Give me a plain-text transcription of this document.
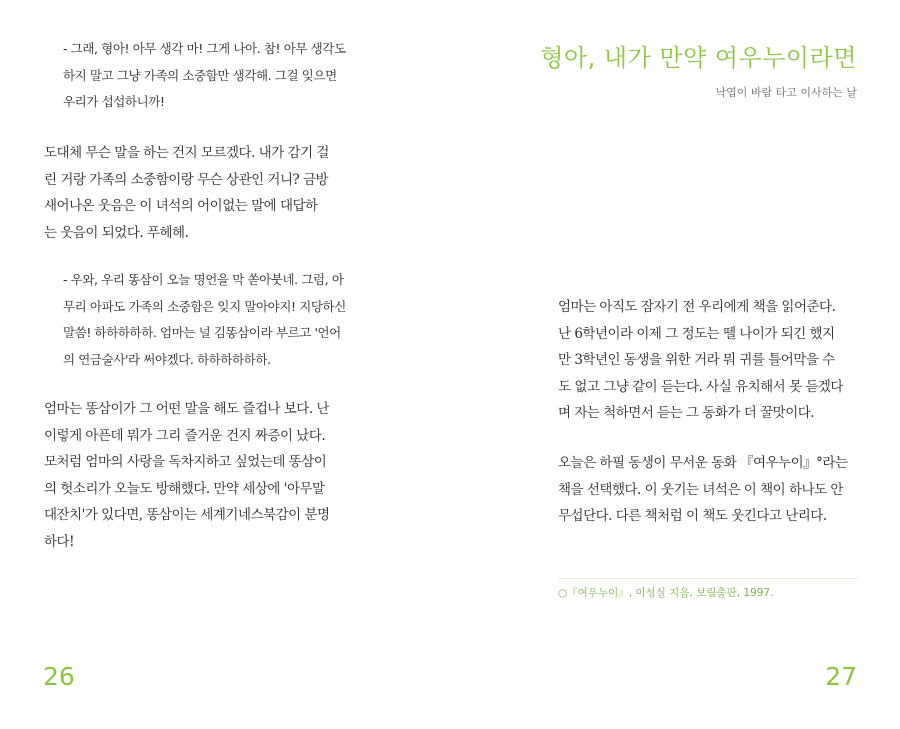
- 그래, 형아! 아무 생각 마! 그게 나아. 참! 아무 생각도

하지 말고 그냥 가족의 소중함만 생각해. 그걸 잊으면

우리가 섭섭하니까!

도대체 무슨 말을 하는 건지 모르겠다. 내가 감기 걸

린 거랑 가족의 소중함이랑 무슨 상관인 거니? 금방

새어나온 웃음은 이 녀석의 어이없는 말에 대답하

는 웃음이 되었다. 푸헤헤.

- 우와, 우리 똥삼이 오늘 명언을 막 쏟아붓네. 그럼, 아

무리 아파도 가족의 소중함은 잊지 말아야지! 지당하신

말씀! 하하하하하. 엄마는 널 김똥삼이라 부르고 '언어

의 연금술사'라 써야겠다. 하하하하하하.

엄마는 똥삼이가 그 어떤 말을 해도 즐겁나 보다. 난

이렇게 아픈데 뭐가 그리 즐거운 건지 짜증이 났다.

모처럼 엄마의 사랑을 독차지하고 싶었는데 똥삼이

의 헛소리가 오늘도 방해했다. 만약 세상에 '아무말

대잔치'가 있다면, 똥삼이는 세계기네스북감이 분명

하다!

26
형아, 내가 만약 여우누이라면
낙엽이 바람 타고 이사하는 날

엄마는 아직도 잠자기 전 우리에게 책을 읽어준다.

난 6학년이라 이제 그 정도는 뗄 나이가 되긴 했지

만 3학년인 동생을 위한 거라 뭐 귀를 틀어막을 수

도 없고 그냥 같이 듣는다. 사실 유치해서 못 듣겠다

며 자는 척하면서 듣는 그 동화가 더 꿀맛이다.

오늘은 하필 동생이 무서운 동화 『여우누이』°라는

책을 선택했다. 이 웃기는 녀석은 이 책이 하나도 안

무섭단다. 다른 책처럼 이 책도 웃긴다고 난리다.

○『여우누이』, 이성실 지음, 보림출판, 1997.
27
